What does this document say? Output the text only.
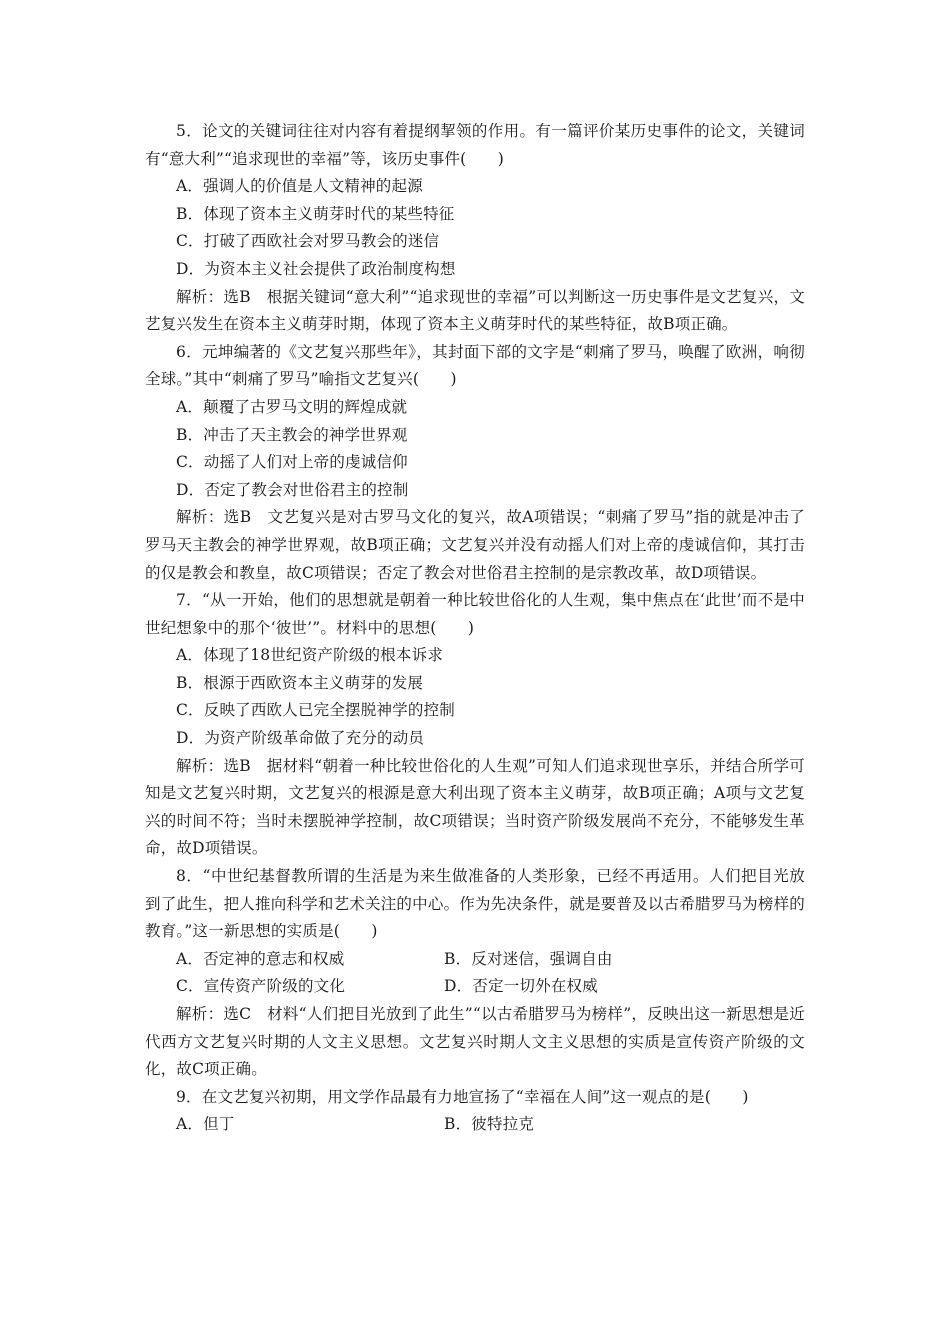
5．论文的关键词往往对内容有着提纲挈领的作用。有一篇评价某历史事件的论文，关键词有“意大利”“追求现世的幸福”等，该历史事件(　　)

A．强调人的价值是人文精神的起源

B．体现了资本主义萌芽时代的某些特征

C．打破了西欧社会对罗马教会的迷信

D．为资本主义社会提供了政治制度构想

解析：选B　根据关键词“意大利”“追求现世的幸福”可以判断这一历史事件是文艺复兴，文艺复兴发生在资本主义萌芽时期，体现了资本主义萌芽时代的某些特征，故B项正确。

6．元坤编著的《文艺复兴那些年》，其封面下部的文字是“刺痛了罗马，唤醒了欧洲，响彻全球。”其中“刺痛了罗马”喻指文艺复兴(　　)

A．颠覆了古罗马文明的辉煌成就

B．冲击了天主教会的神学世界观

C．动摇了人们对上帝的虔诚信仰

D．否定了教会对世俗君主的控制

解析：选B　文艺复兴是对古罗马文化的复兴，故A项错误；“刺痛了罗马”指的就是冲击了罗马天主教会的神学世界观，故B项正确；文艺复兴并没有动摇人们对上帝的虔诚信仰，其打击的仅是教会和教皇，故C项错误；否定了教会对世俗君主控制的是宗教改革，故D项错误。

7．“从一开始，他们的思想就是朝着一种比较世俗化的人生观，集中焦点在‘此世’而不是中世纪想象中的那个‘彼世’”。材料中的思想(　　)

A．体现了18世纪资产阶级的根本诉求

B．根源于西欧资本主义萌芽的发展

C．反映了西欧人已完全摆脱神学的控制

D．为资产阶级革命做了充分的动员

解析：选B　据材料“朝着一种比较世俗化的人生观”可知人们追求现世享乐，并结合所学可知是文艺复兴时期，文艺复兴的根源是意大利出现了资本主义萌芽，故B项正确；A项与文艺复兴的时间不符；当时未摆脱神学控制，故C项错误；当时资产阶级发展尚不充分，不能够发生革命，故D项错误。

8．“中世纪基督教所谓的生活是为来生做准备的人类形象，已经不再适用。人们把目光放到了此生，把人推向科学和艺术关注的中心。作为先决条件，就是要普及以古希腊罗马为榜样的教育。”这一新思想的实质是(　　)

A．否定神的意志和权威	B．反对迷信，强调自由
C．宣传资产阶级的文化	D．否定一切外在权威

解析：选C　材料“人们把目光放到了此生”“以古希腊罗马为榜样”，反映出这一新思想是近代西方文艺复兴时期的人文主义思想。文艺复兴时期人文主义思想的实质是宣传资产阶级的文化，故C项正确。

9．在文艺复兴初期，用文学作品最有力地宣扬了“幸福在人间”这一观点的是(　　)

A．但丁	B．彼特拉克
